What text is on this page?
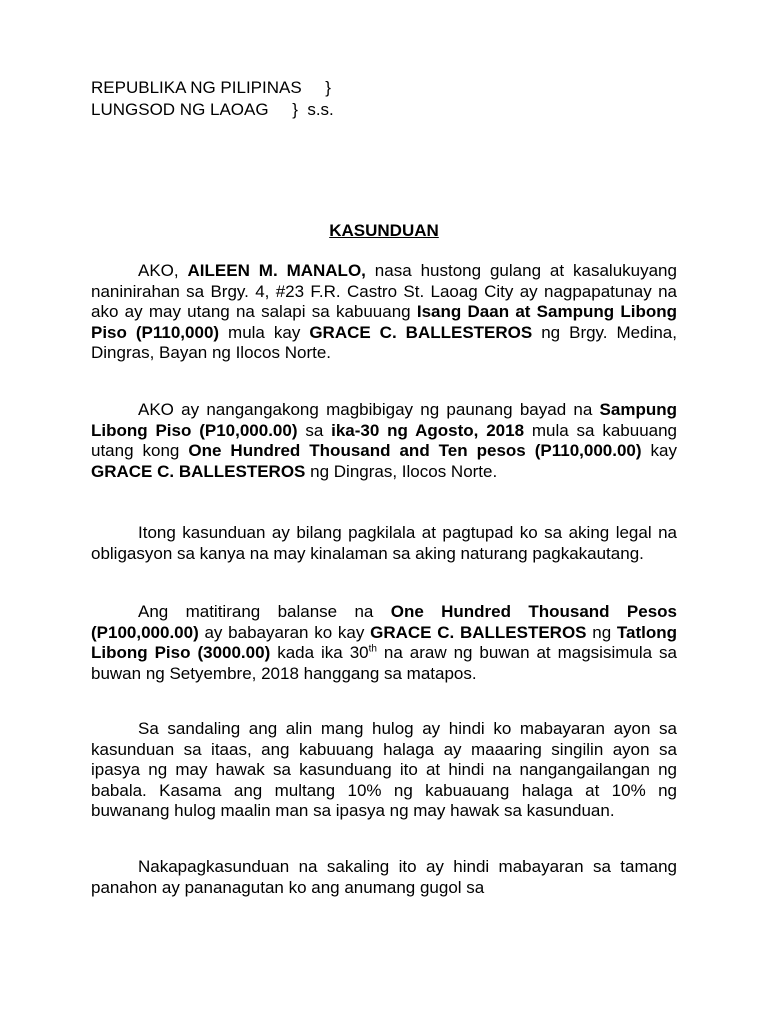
REPUBLIKA NG PILIPINAS     }
LUNGSOD NG LAOAG     }  s.s.
KASUNDUAN

AKO, AILEEN M. MANALO, nasa hustong gulang at kasalukuyang naninirahan sa Brgy. 4, #23 F.R. Castro St. Laoag City ay nagpapatunay na ako ay may utang na salapi sa kabuuang Isang Daan at Sampung Libong Piso (P110,000) mula kay GRACE C. BALLESTEROS ng Brgy. Medina, Dingras, Bayan ng Ilocos Norte.

AKO ay nangangakong magbibigay ng paunang bayad na Sampung Libong Piso (P10,000.00) sa ika-30 ng Agosto, 2018 mula sa kabuuang utang kong One Hundred Thousand and Ten pesos (P110,000.00) kay GRACE C. BALLESTEROS ng Dingras, Ilocos Norte.

Itong kasunduan ay bilang pagkilala at pagtupad ko sa aking legal na obligasyon sa kanya na may kinalaman sa aking naturang pagkakautang.

Ang matitirang balanse na One Hundred Thousand Pesos (P100,000.00) ay babayaran ko kay GRACE C. BALLESTEROS ng Tatlong Libong Piso (3000.00) kada ika 30th na araw ng buwan at magsisimula sa buwan ng Setyembre, 2018 hanggang sa matapos.

Sa sandaling ang alin mang hulog ay hindi ko mabayaran ayon sa kasunduan sa itaas, ang kabuuang halaga ay maaaring singilin ayon sa ipasya ng may hawak sa kasunduang ito at hindi na nangangailangan ng babala. Kasama ang multang 10% ng kabuauang halaga at 10% ng buwanang hulog maalin man sa ipasya ng may hawak sa kasunduan.

Nakapagkasunduan na sakaling ito ay hindi mabayaran sa tamang panahon ay pananagutan ko ang anumang gugol sa
